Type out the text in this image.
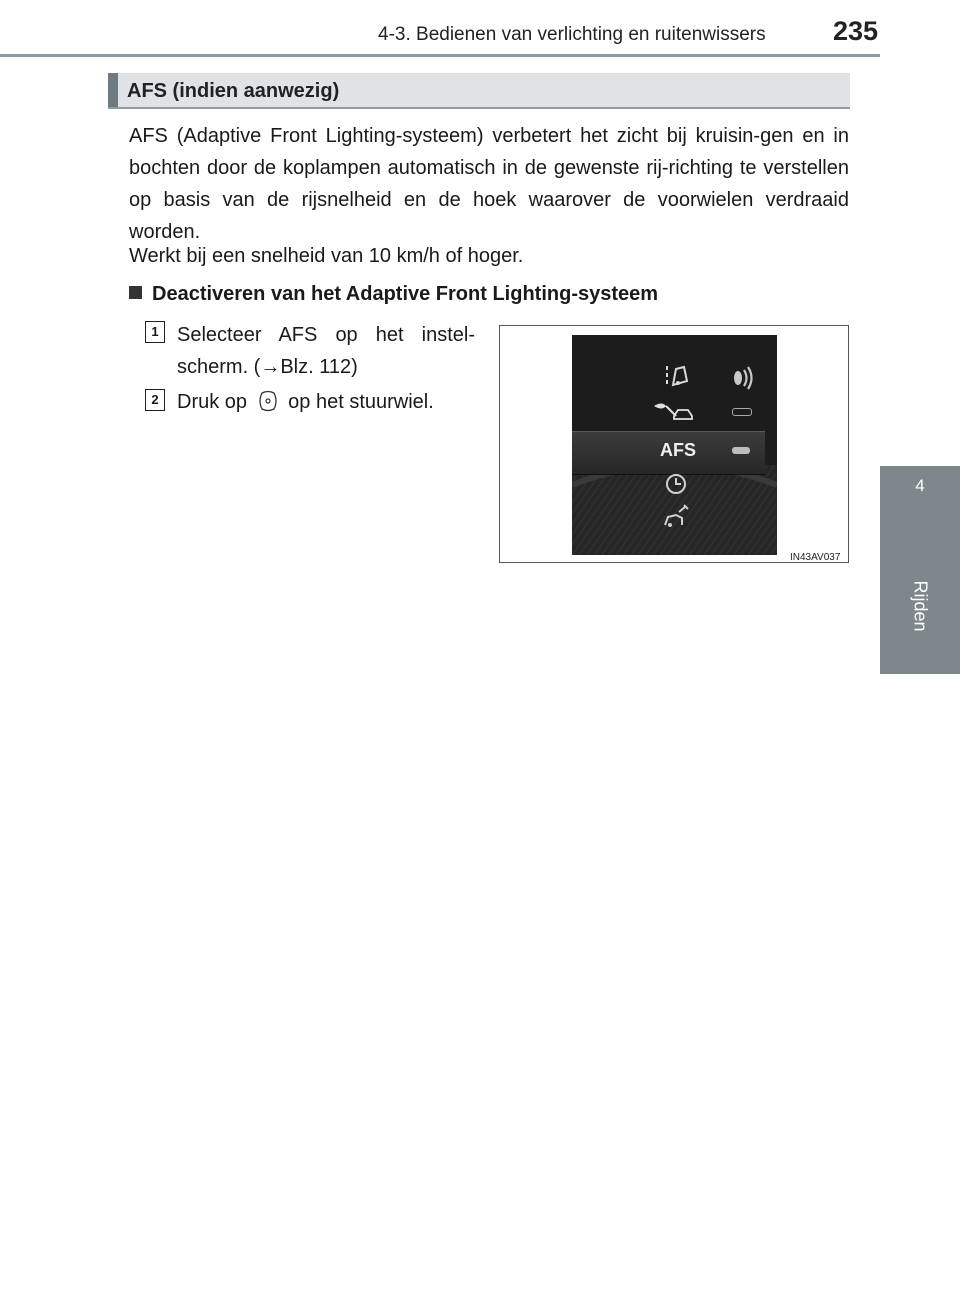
4-3. Bedienen van verlichting en ruitenwissers 235
4
Rijden
AFS (indien aanwezig)
AFS (Adaptive Front Lighting-systeem) verbetert het zicht bij kruisin-gen en in bochten door de koplampen automatisch in de gewenste rij-richting te verstellen op basis van de rijsnelheid en de hoek waarover de voorwielen verdraaid worden.
Werkt bij een snelheid van 10 km/h of hoger.
Deactiveren van het Adaptive Front Lighting-systeem
1 Selecteer AFS op het instel-
scherm. (→Blz. 112)
2 Druk op op het stuurwiel.
AFS
IN43AV037
